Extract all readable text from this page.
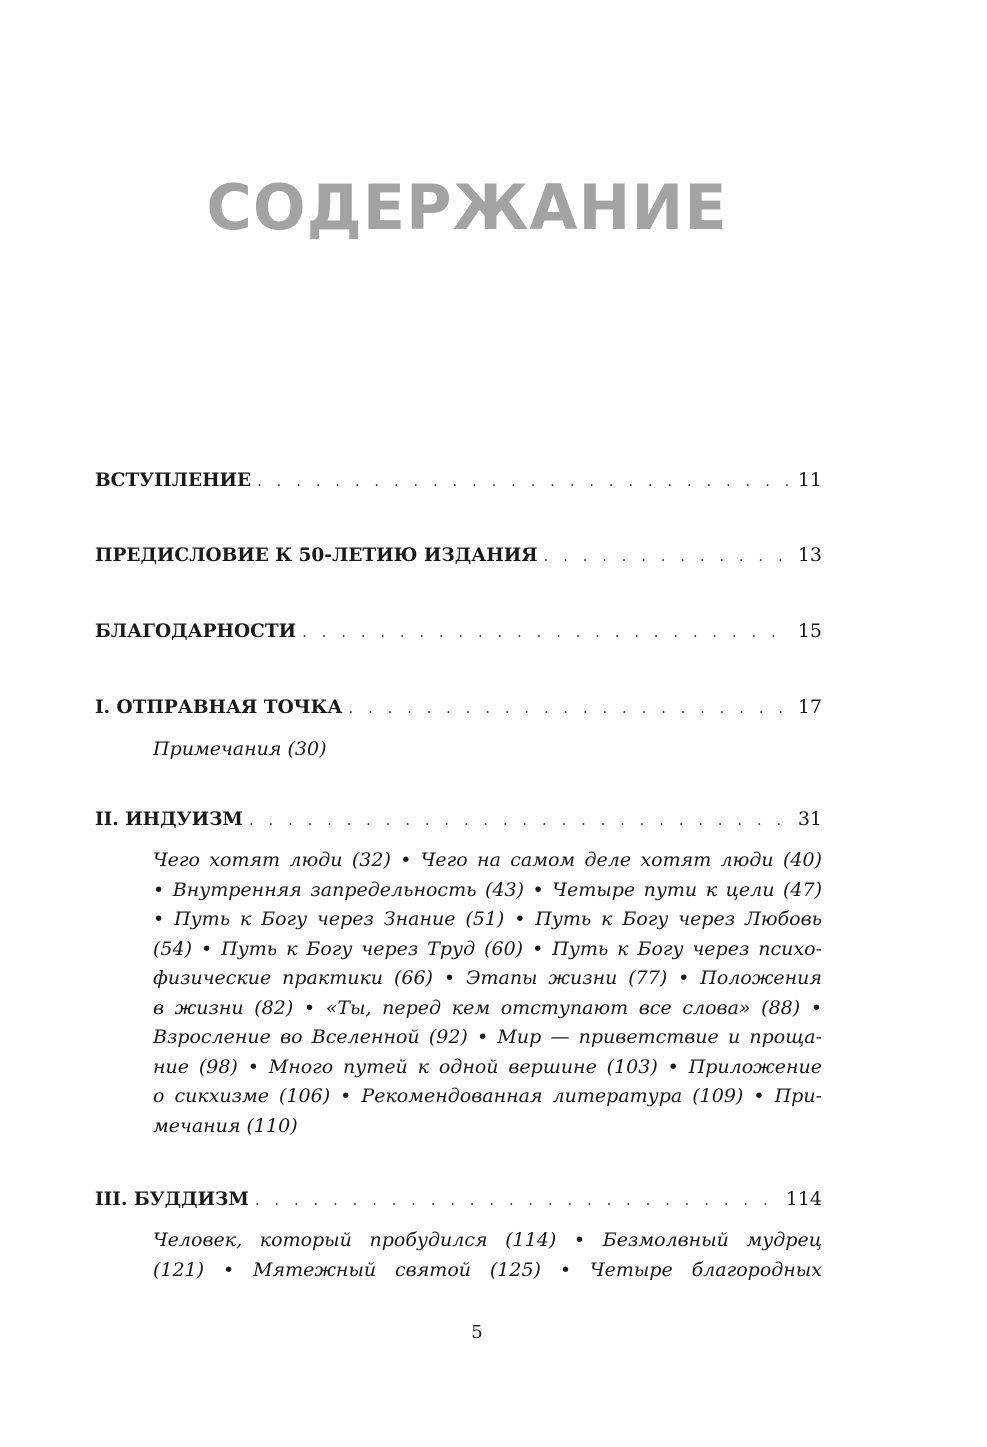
СОДЕРЖАНИЕ
ВСТУПЛЕНИЕ . . .	11
ПРЕДИСЛОВИЕ К 50-ЛЕТИЮ ИЗДАНИЯ . . .	13
БЛАГОДАРНОСТИ . . .	15
I. ОТПРАВНАЯ ТОЧКА . . .	17
Примечания (30)
II. ИНДУИЗМ . . .	31
Чего хотят люди (32) • Чего на самом деле хотят люди (40)
• Внутренняя запредельность (43) • Четыре пути к цели (47)
• Путь к Богу через Знание (51) • Путь к Богу через Любовь
(54) • Путь к Богу через Труд (60) • Путь к Богу через психо-
физические практики (66) • Этапы жизни (77) • Положения
в жизни (82) • «Ты, перед кем отступают все слова» (88) •
Взросление во Вселенной (92) • Мир — приветствие и проща-
ние (98) • Много путей к одной вершине (103) • Приложение
о сикхизме (106) • Рекомендованная литература (109) • При-
мечания (110)
III. БУДДИЗМ . . .	114
Человек, который пробудился (114) • Безмолвный мудрец
(121) • Мятежный святой (125) • Четыре благородных
5
